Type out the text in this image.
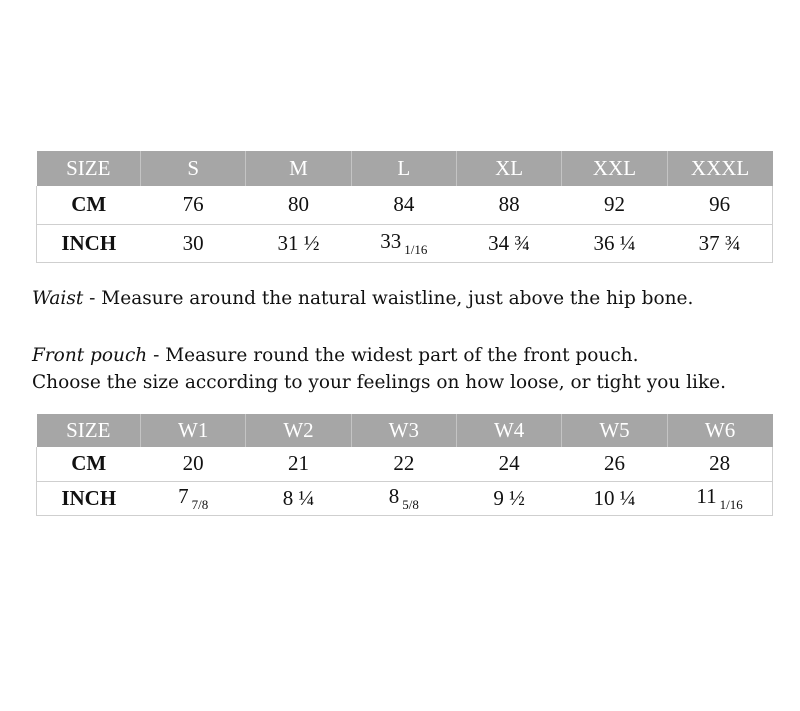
SIZE	S	M	L	XL	XXL	XXXL
CM	76	80	84	88	92	96
INCH	30	31 ½	33 $_{1/16}$	34 ¾	36 ¼	37 ¾

Waist - Measure around the natural waistline, just above the hip bone.

Front pouch - Measure round the widest part of the front pouch.
Choose the size according to your feelings on how loose, or tight you like.

SIZE	W1	W2	W3	W4	W5	W6
CM	20	21	22	24	26	28
INCH	7 $_{7/8}$	8 ¼	8 $_{5/8}$	9 ½	10 ¼	11 $_{1/16}$
